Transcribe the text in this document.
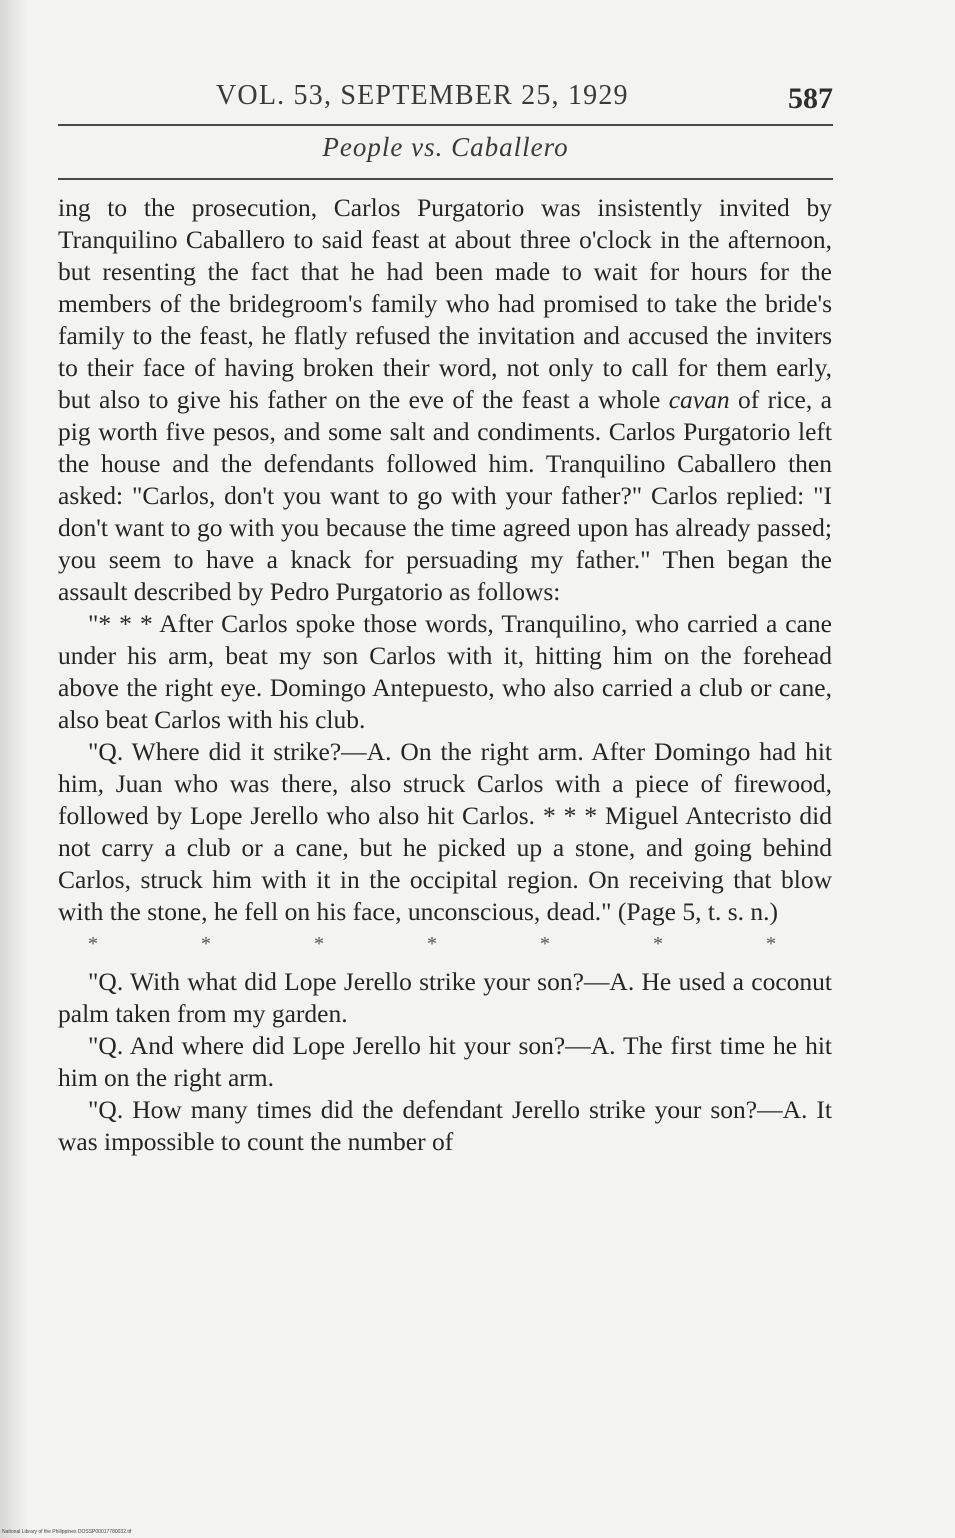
VOL. 53, SEPTEMBER 25, 1929	587
People vs. Caballero

ing to the prosecution, Carlos Purgatorio was insistently invited by Tranquilino Caballero to said feast at about three o'clock in the afternoon, but resenting the fact that he had been made to wait for hours for the members of the bridegroom's family who had promised to take the bride's family to the feast, he flatly refused the invitation and accused the inviters to their face of having broken their word, not only to call for them early, but also to give his father on the eve of the feast a whole cavan of rice, a pig worth five pesos, and some salt and condiments. Carlos Purgatorio left the house and the defendants followed him. Tranquilino Caballero then asked: "Carlos, don't you want to go with your father?" Carlos replied: "I don't want to go with you because the time agreed upon has already passed; you seem to have a knack for persuading my father." Then began the assault described by Pedro Purgatorio as follows:

"* * * After Carlos spoke those words, Tranquilino, who carried a cane under his arm, beat my son Carlos with it, hitting him on the forehead above the right eye. Domingo Antepuesto, who also carried a club or cane, also beat Carlos with his club.

"Q. Where did it strike?—A. On the right arm. After Domingo had hit him, Juan who was there, also struck Carlos with a piece of firewood, followed by Lope Jerello who also hit Carlos. * * * Miguel Antecristo did not carry a club or a cane, but he picked up a stone, and going behind Carlos, struck him with it in the occipital region. On receiving that blow with the stone, he fell on his face, unconscious, dead." (Page 5, t. s. n.)

*	*	*	*	*	*	*

"Q. With what did Lope Jerello strike your son?—A. He used a coconut palm taken from my garden.

"Q. And where did Lope Jerello hit your son?—A. The first time he hit him on the right arm.

"Q. How many times did the defendant Jerello strike your son?—A. It was impossible to count the number of

National Library of the Philippines DOSSP00017780032.tif
